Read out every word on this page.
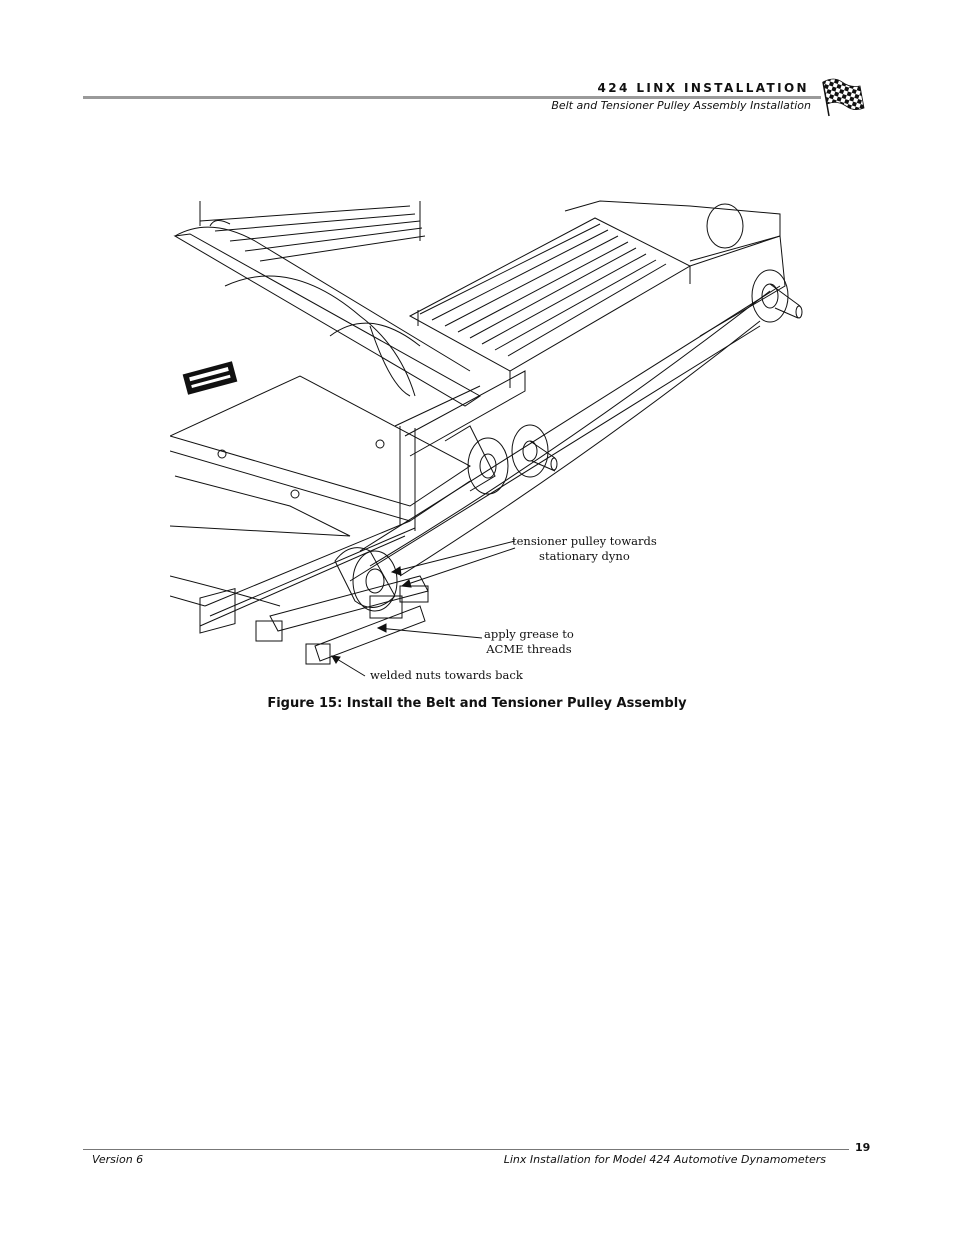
424 LINX INSTALLATION
Belt and Tensioner Pulley Assembly Installation
tensioner pulley towards
stationary dyno
apply grease to
ACME threads
welded nuts towards back
Figure 15: Install the Belt and Tensioner Pulley Assembly
19
Version 6	Linx Installation for Model 424 Automotive Dynamometers
